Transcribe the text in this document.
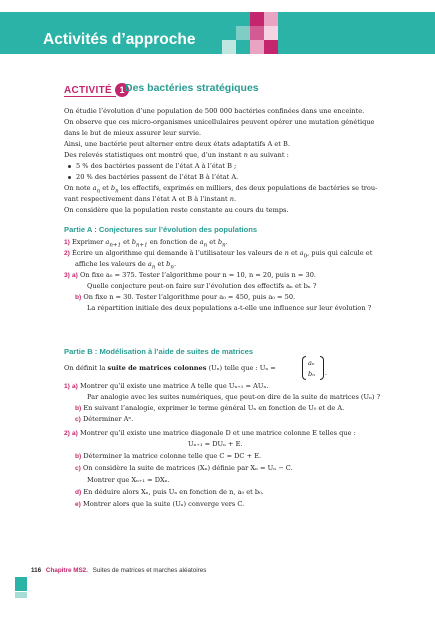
Activités d’approche
ACTIVITÉ 1 Des bactéries stratégiques
On étudie l’évolution d’une population de 500 000 bactéries confinées dans une enceinte.
On observe que ces micro-organismes unicellulaires peuvent opérer une mutation génétique
dans le but de mieux assurer leur survie.
Ainsi, une bactérie peut alterner entre deux états adaptatifs A et B.
Des relevés statistiques ont montré que, d’un instant n au suivant :
5 % des bactéries passent de l’état A à l’état B ;
20 % des bactéries passent de l’état B à l’état A.
On note $a_n$ et $b_n$ les effectifs, exprimés en milliers, des deux populations de bactéries se trou-
vant respectivement dans l’état A et B à l’instant n.
On considère que la population reste constante au cours du temps.
Partie A : Conjectures sur l’évolution des populations
1) Exprimer $a_{n+1}$ et $b_{n+1}$ en fonction de $a_n$ et $b_n$.
2) Écrire un algorithme qui demande à l’utilisateur les valeurs de n et $a_0$, puis qui calcule et
affiche les valeurs de $a_n$ et $b_n$.
3) a) On fixe a₀ = 375. Tester l’algorithme pour n = 10, n = 20, puis n = 30.
Quelle conjecture peut-on faire sur l’évolution des effectifs aₙ et bₙ ?
b) On fixe n = 30. Tester l’algorithme pour a₀ = 450, puis a₀ = 50.
La répartition initiale des deux populations a-t-elle une influence sur leur évolution ?
Partie B : Modélisation à l’aide de suites de matrices
On définit la suite de matrices colonnes (Uₙ) telle que : Uₙ =
aₙ
bₙ .
1) a) Montrer qu’il existe une matrice A telle que Uₙ₊₁ = AUₙ.
Par analogie avec les suites numériques, que peut-on dire de la suite de matrices (Uₙ) ?
b) En suivant l’analogie, exprimer le terme général Uₙ en fonction de U₀ et de A.
c) Déterminer Aⁿ.
2) a) Montrer qu’il existe une matrice diagonale D et une matrice colonne E telles que :
Uₙ₊₁ = DUₙ + E.
b) Déterminer la matrice colonne telle que C = DC + E.
c) On considère la suite de matrices (Xₙ) définie par Xₙ = Uₙ − C.
Montrer que Xₙ₊₁ = DXₙ.
d) En déduire alors Xₙ, puis Uₙ en fonction de n, a₀ et b₀.
e) Montrer alors que la suite (Uₙ) converge vers C.
116 Chapitre MS2. Suites de matrices et marches aléatoires
